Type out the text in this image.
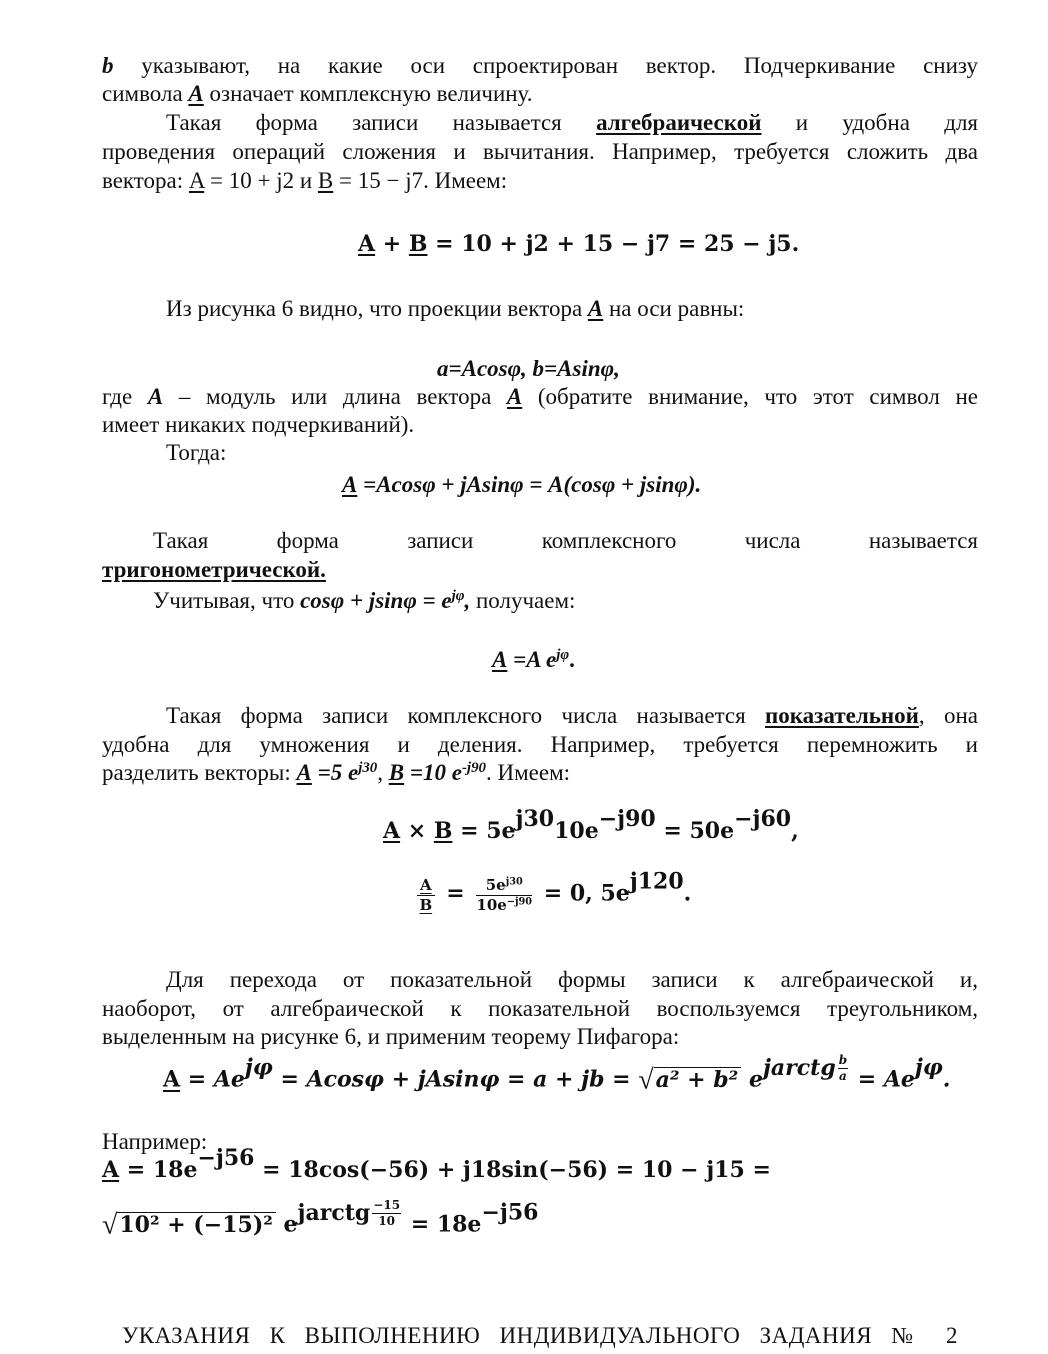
b указывают, на какие оси спроектирован вектор. Подчеркивание снизу
символа А означает комплексную величину.
Такая форма записи называется алгебраической и удобна для
проведения операций сложения и вычитания. Например, требуется сложить два
вектора: A = 10 + j2 и B = 15 − j7. Имеем:
A + B = 10 + j2 + 15 − j7 = 25 − j5.
Из рисунка 6 видно, что проекции вектора А на оси равны:
a=Acosφ, b=Asinφ,
где А – модуль или длина вектора А (обратите внимание, что этот символ не
имеет никаких подчеркиваний).
Тогда:
А =Acosφ + jAsinφ = A(cosφ + jsinφ).
Такая форма записи комплексного числа называется
тригонометрической.
Учитывая, что $\cos\varphi + jsin\varphi = e^{j\varphi}$, получаем:
А =A $e^{j\varphi}$.
Такая форма записи комплексного числа называется показательной, она
удобна для умножения и деления. Например, требуется перемножить и
разделить векторы: А =5 $e^{j30}$, В =10 $e^{-j90}$. Имеем:
$A \times B = 5e^{j30}10e^{-j90} = 50e^{-j60}$,
$\frac{A}{B} = \frac{5e^{j30}}{10e^{-j90}} = 0$, $5e^{j120}$.
Для перехода от показательной формы записи к алгебраической и,
наоборот, от алгебраической к показательной воспользуемся треугольником,
выделенным на рисунке 6, и применим теорему Пифагора:
$A = Ae^{j\varphi} = Acos\varphi + jAsin\varphi = a$ + jb = √a² + b² $e^{jarctg \frac{b}{a}} = Ae^{j\varphi}$.
Например:
$A = 18e^{-j56} = 18\cos(-56) + j18\sin(-56) = 10 - j15$ =
√10² + (−15)² $e^{jarctg \frac{-15}{10}} = 18e^{-j56}$
УКАЗАНИЯ К ВЫПОЛНЕНИЮ ИНДИВИДУАЛЬНОГО ЗАДАНИЯ № 2
